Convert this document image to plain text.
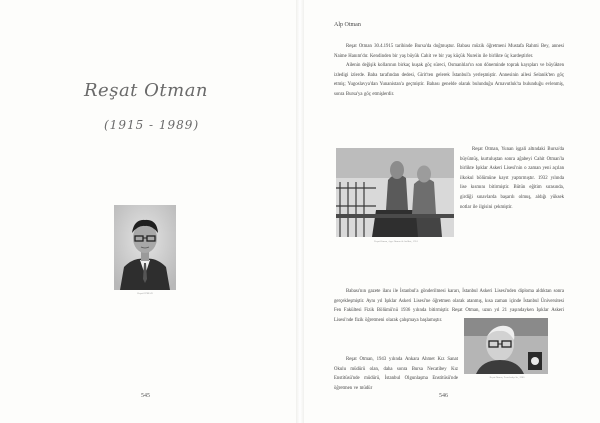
Reşat Otman
(1915 - 1989)
Reşat OTMAN
545
Alp Otman

Reşat Otman 30.4.1915 tarihinde Bursa'da doğmuştur. Babası müzik öğretmeni Mustafa Rahmi Bey, annesi Naime Hanım'dır. Kendinden bir yaş büyük Cahit ve bir yaş küçük Nureiin ile birlikte üç kardeştirler.

Ailenin değişik kollarının birkaç kuşak göç süreci, Osmanlılar'ın son döneminde toprak kayıpları ve büyükten izledigi izlerde. Baba tarafından dedesi, Girit'ten gelerek İstanbul'a yerleşmiştir. Annesinin ailesi Selanik'ten göç etmiş; Yugoslavya'dan Yunanistan'a geçmiştir. Babası genelde olarak bulunduğu Arnavutluk'ta bulunduğu evlenmiş, sonra Bursa'ya göç etmişlerdir.

Reşat Otman, Ayşe Otman ile birlikte, 1951

Reşat Otman, Yunan işgali altındaki Bursa'da büyümüş, kurtuluştan sonra ağabeyi Cahit Otman'la birlikte Işıklar Askeri Lisesi'nin o zaman yeni açılan ilkokul bölümüne kayıt yaptırmıştır. 1932 yılında lise kısmını bitirmiştir. Bütün eğitim sırasında, girdiği sınavlarda başarılı olmuş, aldığı yüksek notlar ile ilgisini çekmiştir.

Babası'nın gazete ilanı ile İstanbul'a gönderilmesi kararı, İstanbul Askeri Lisesi'nden diploma aldıktan sonra gerçekleşmiştir. Aynı yıl Işıklar Askeri Lisesi'ne öğretmen olarak atanmış, kısa zaman içinde İstanbul Üniversitesi Fen Fakültesi Fizik Bölümü'nü 1936 yılında bitirmiştir. Reşat Otman, uzun yıl 21 yaşındayken Işıklar Askeri Lisesi'nde fizik öğretmeni olarak çalışmaya başlamıştır.

Reşat Otman, 1943 yılında Ankara Ahmet Kız Sanat Okulu müdürü olan, daha sonra Bursa Necatibey Kız Enstitüsü'nde müdürü, İstanbul Olgunlaşma Enstitüsü'nde öğretmen ve müdür

Reşat Otman, Fenerbahçe'de, 1980
546
